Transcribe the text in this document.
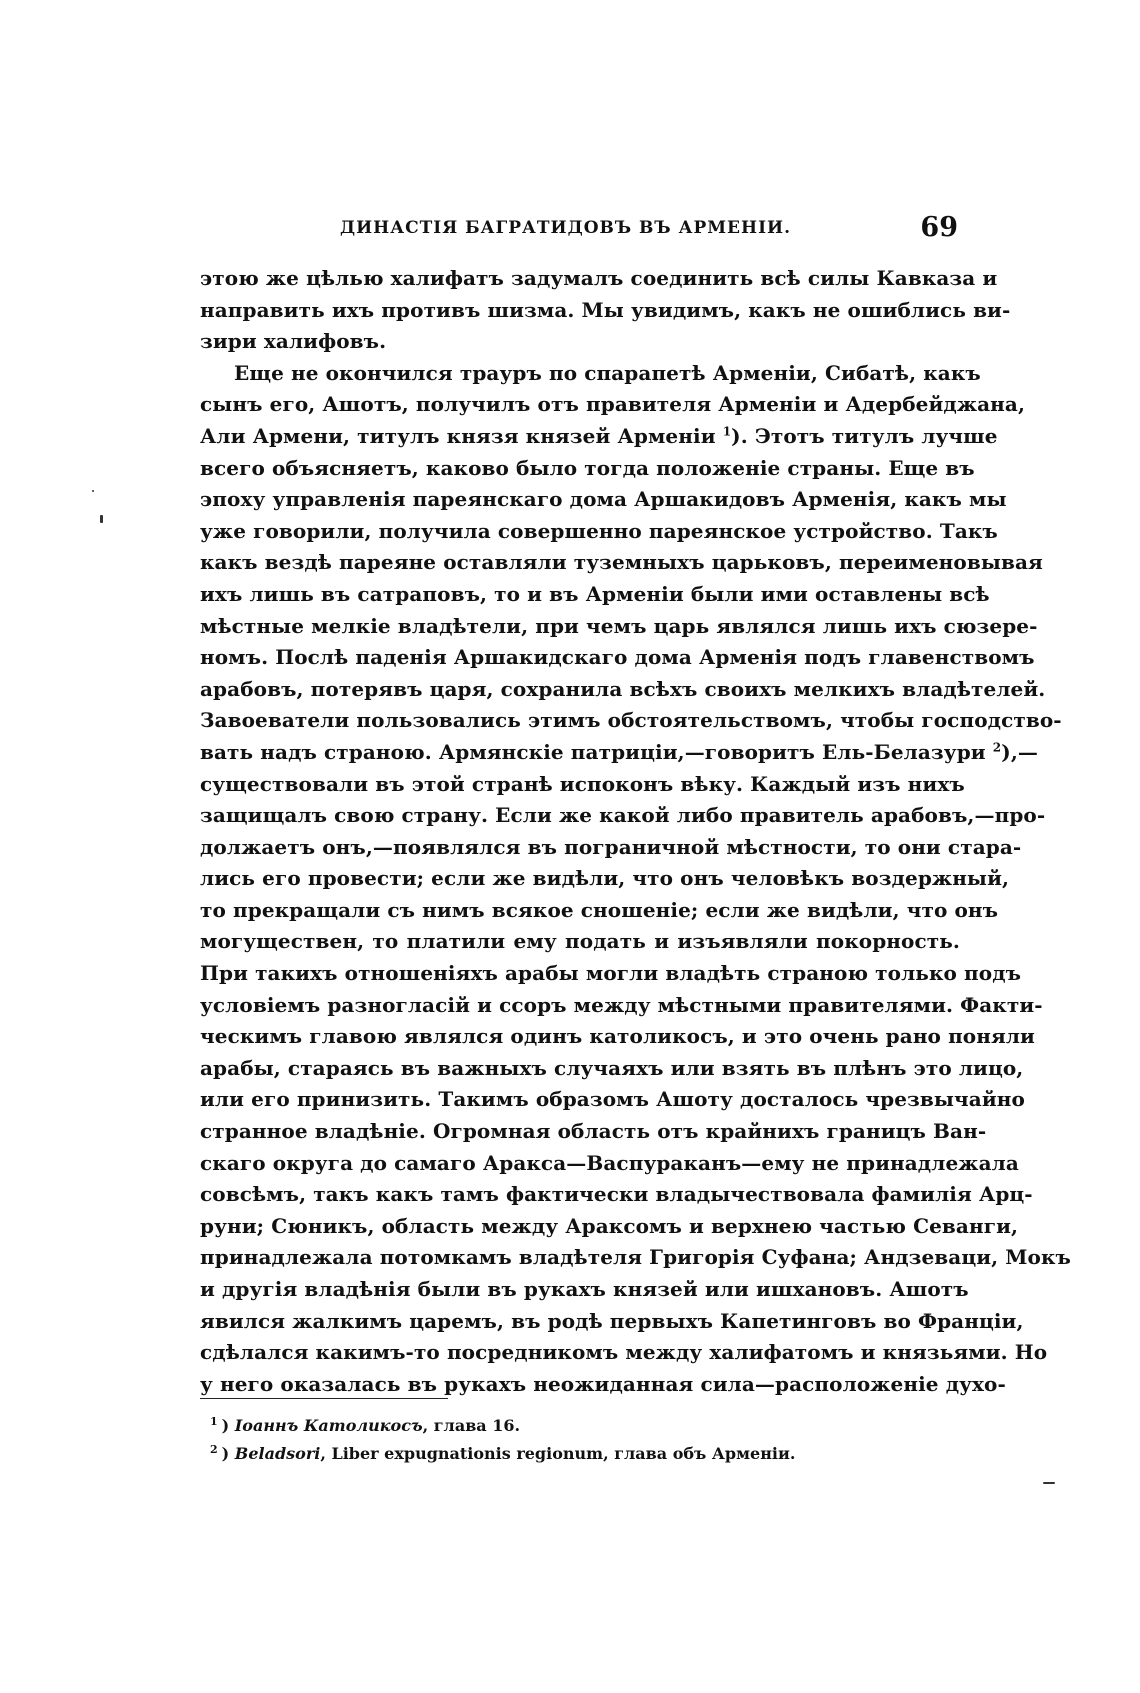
ДИНАСТІЯ БАГРАТИДОВЪ ВЪ АРМЕНІИ.	69
этою же цѣлью халифатъ задумалъ соединить всѣ силы Кавказа и
направить ихъ противъ шизма. Мы увидимъ, какъ не ошиблись ви-
зири халифовъ.
Еще не окончился трауръ по спарапетѣ Арменіи, Сибатѣ, какъ
сынъ его, Ашотъ, получилъ отъ правителя Арменіи и Адербейджана,
Али Армени, титулъ князя князей Арменіи $^1$). Этотъ титулъ лучше
всего объясняетъ, каково было тогда положеніе страны. Еще въ
эпоху управленія пареянскаго дома Аршакидовъ Арменія, какъ мы
уже говорили, получила совершенно пареянское устройство. Такъ
какъ вездѣ пареяне оставляли туземныхъ царьковъ, переименовывая
ихъ лишь въ сатраповъ, то и въ Арменіи были ими оставлены всѣ
мѣстные мелкіе владѣтели, при чемъ царь являлся лишь ихъ сюзере-
номъ. Послѣ паденія Аршакидскаго дома Арменія подъ главенствомъ
арабовъ, потерявъ царя, сохранила всѣхъ своихъ мелкихъ владѣтелей.
Завоеватели пользовались этимъ обстоятельствомъ, чтобы господство-
вать надъ страною. Армянскіе патриціи,—говоритъ Ель-Белазури $^2$),—
существовали въ этой странѣ испоконъ вѣку. Каждый изъ нихъ
защищалъ свою страну. Если же какой либо правитель арабовъ,—про-
должаетъ онъ,—появлялся въ пограничной мѣстности, то они стара-
лись его провести; если же видѣли, что онъ человѣкъ воздержный,
то прекращали съ нимъ всякое сношеніе; если же видѣли, что онъ
могуществен, то платили ему подать и изъявляли покорность.
При такихъ отношеніяхъ арабы могли владѣть страною только подъ
условіемъ разногласій и ссоръ между мѣстными правителями. Факти-
ческимъ главою являлся одинъ католикосъ, и это очень рано поняли
арабы, стараясь въ важныхъ случаяхъ или взять въ плѣнъ это лицо,
или его принизить. Такимъ образомъ Ашоту досталось чрезвычайно
странное владѣніе. Огромная область отъ крайнихъ границъ Ван-
скаго округа до самаго Аракса—Васпураканъ—ему не принадлежала
совсѣмъ, такъ какъ тамъ фактически владычествовала фамилія Арц-
руни; Сюникъ, область между Араксомъ и верхнею частью Севанги,
принадлежала потомкамъ владѣтеля Григорія Суфана; Андзеваци, Мокъ
и другія владѣнія были въ рукахъ князей или ишхановъ. Ашотъ
явился жалкимъ царемъ, въ родѣ первыхъ Капетинговъ во Франціи,
сдѣлался какимъ-то посредникомъ между халифатомъ и князьями. Но
у него оказалась въ рукахъ неожиданная сила—расположеніе духо-
$^1$ ) Іоаннъ Католикосъ, глава 16.
$^2$ ) Beladsori, Liber expugnationis regionum, глава объ Арменіи.
